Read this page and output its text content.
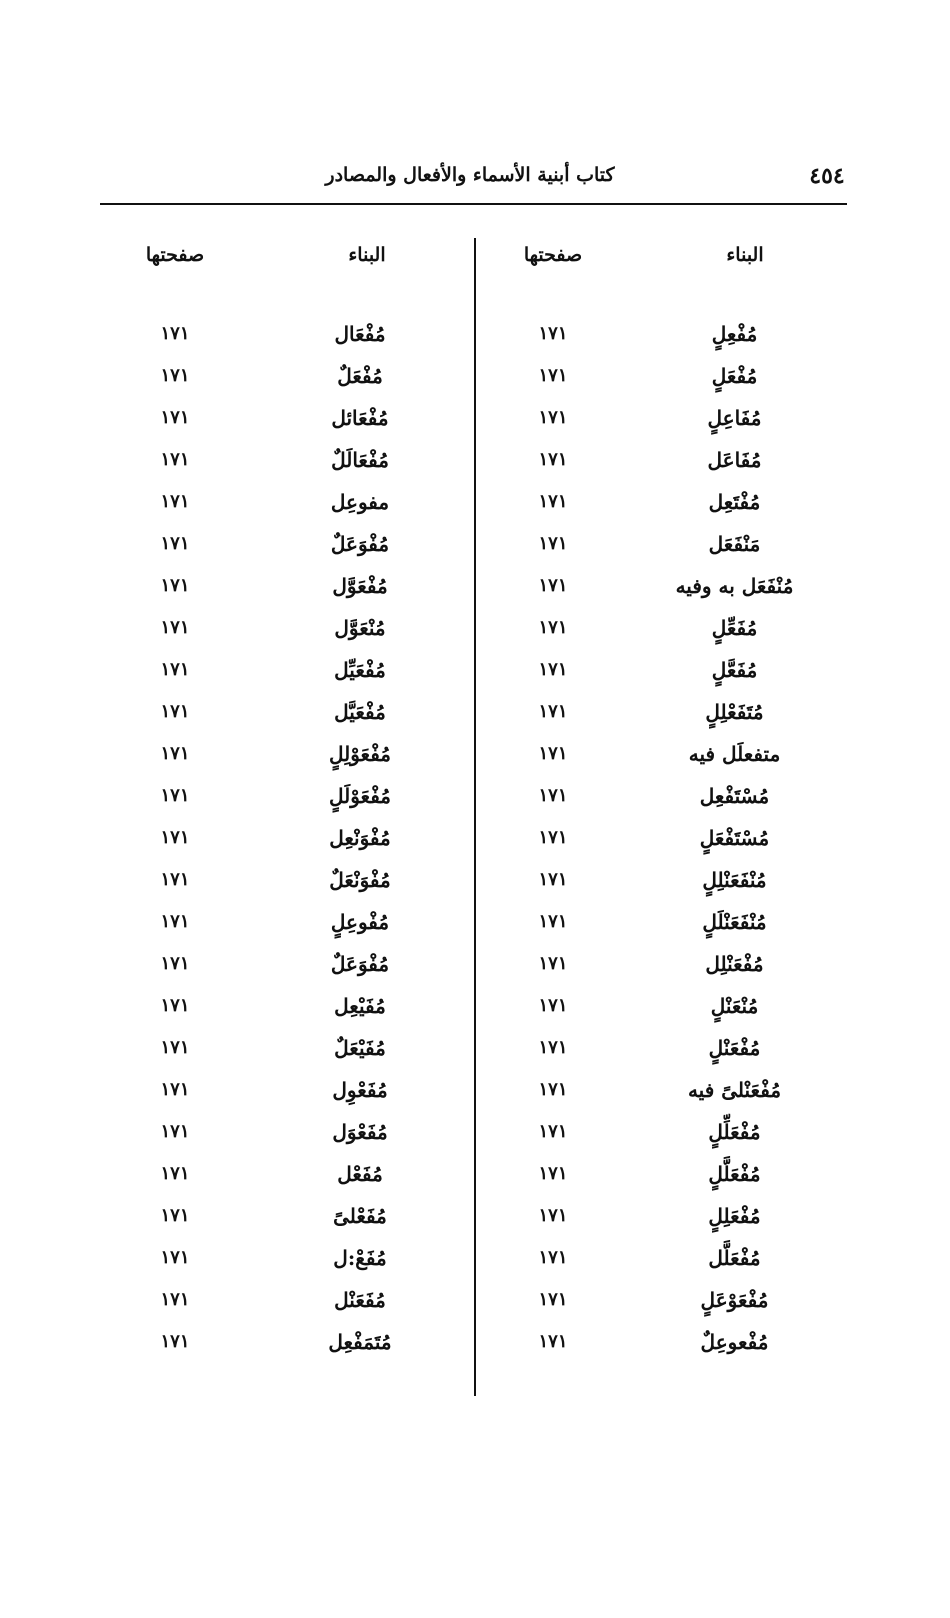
٤٥٤
كتاب أبنية الأسماء والأفعال والمصادر
البناء
صفحتها
البناء
صفحتها
مُفْعِلٍ
١٧١
مُفْعَال
١٧١
مُفْعَلٍ
١٧١
مُفْعَلٌ
١٧١
مُفَاعِلٍ
١٧١
مُفْعَائل
١٧١
مُفَاعَل
١٧١
مُفْعَالَلٌ
١٧١
مُفْتَعِل
١٧١
مفوعِل
١٧١
مَنْفَعَل
١٧١
مُفْوَعَلٌ
١٧١
مُنْفَعَل به وفيه
١٧١
مُفْعَوَّل
١٧١
مُفَعِّلٍ
١٧١
مُنْعَوَّل
١٧١
مُفَعَّلٍ
١٧١
مُفْعَيِّل
١٧١
مُتَفَعْلِلٍ
١٧١
مُفْعَيَّل
١٧١
متفعلَل فيه
١٧١
مُفْعَوْلِلٍ
١٧١
مُسْتَفْعِل
١٧١
مُفْعَوْلَلٍ
١٧١
مُسْتَفْعَلٍ
١٧١
مُفْوَنْعِل
١٧١
مُنْفَعَنْلِلٍ
١٧١
مُفْوَنْعَلٌ
١٧١
مُنْفَعَنْلَلٍ
١٧١
مُفْوعِلٍ
١٧١
مُفْعَنْلِل
١٧١
مُفْوَعَلٌ
١٧١
مُنْعَنْلٍ
١٧١
مُفَيْعِل
١٧١
مُفْعَنْلٍ
١٧١
مُفَيْعَلٌ
١٧١
مُفْعَنْلىً فيه
١٧١
مُفَعْوِل
١٧١
مُفْعَلِّلٍ
١٧١
مُفَعْوَل
١٧١
مُفْعَلَّلٍ
١٧١
مُفَعْل
١٧١
مُفْعَلِلٍ
١٧١
مُفَعْلىً
١٧١
مُفْعَلَّل
١٧١
مُفَعْ:ل
١٧١
مُفْعَوْعَلٍ
١٧١
مُفَعَنْل
١٧١
مُفْعوعِلٌ
١٧١
مُتَمَفْعِل
١٧١
